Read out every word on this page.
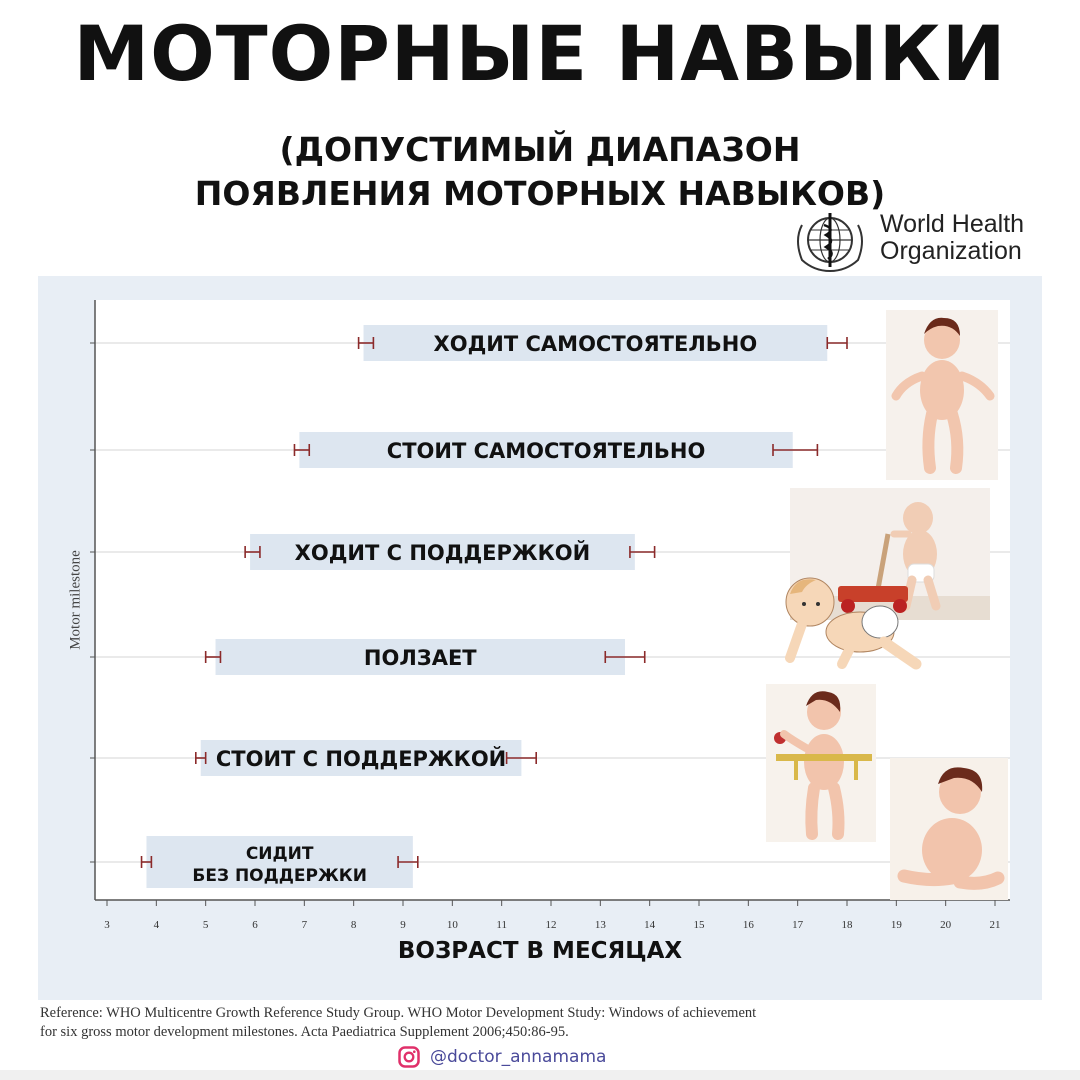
МОТОРНЫЕ НАВЫКИ
(ДОПУСТИМЫЙ ДИАПАЗОН
ПОЯВЛЕНИЯ МОТОРНЫХ НАВЫКОВ)
World Health
Organization
3	4	5	6	7	8	9	10	11	12	13	14	15	16	17	18	19	20	21
ХОДИТ САМОСТОЯТЕЛЬНО
СТОИТ САМОСТОЯТЕЛЬНО
ХОДИТ С ПОДДЕРЖКОЙ
ПОЛЗАЕТ
СТОИТ С ПОДДЕРЖКОЙ
СИДИТ
БЕЗ ПОДДЕРЖКИ
Motor milestone
ВОЗРАСТ В МЕСЯЦАХ
Reference: WHO Multicentre Growth Reference Study Group. WHO Motor Development Study: Windows of achievement
for six gross motor development milestones. Acta Paediatrica Supplement 2006;450:86-95.
@doctor_annamama
